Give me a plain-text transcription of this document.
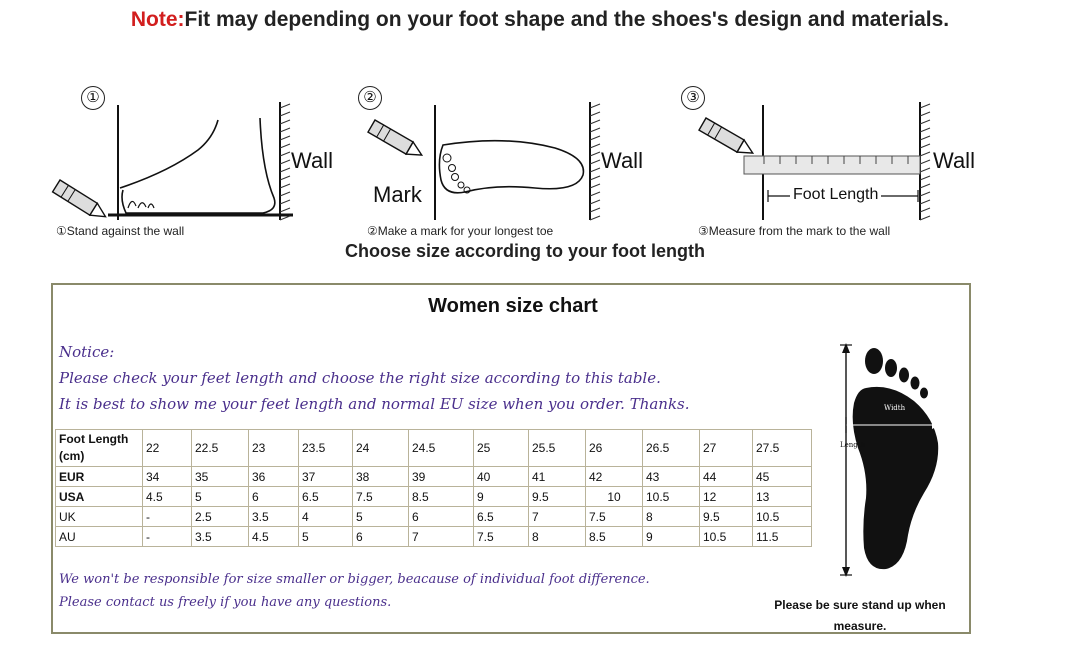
Note:Fit may depending on your foot shape and the shoes's design and materials.
①
Wall
①Stand against the wall
②
Mark
Wall
②Make a mark for your longest toe
③
Foot Length
Wall
③Measure from the mark to the wall
Choose size according to your foot length
Women size chart
Notice:
Please check your feet length and choose the right size according to this table.
It is best to show me your feet length and normal EU size when you order. Thanks.
Foot Length (cm)	22	22.5	23	23.5	24	24.5	25	25.5	26	26.5	27	27.5
EUR	34	35	36	37	38	39	40	41	42	43	44	45
USA	4.5	5	6	6.5	7.5	8.5	9	9.5	10	10.5	12	13
UK	-	2.5	3.5	4	5	6	6.5	7	7.5	8	9.5	10.5
AU	-	3.5	4.5	5	6	7	7.5	8	8.5	9	10.5	11.5
Width
Length
We won't be responsible for size smaller or bigger, beacause of individual foot difference.
Please contact us freely if you have any questions.	Please be sure stand up when measure.
